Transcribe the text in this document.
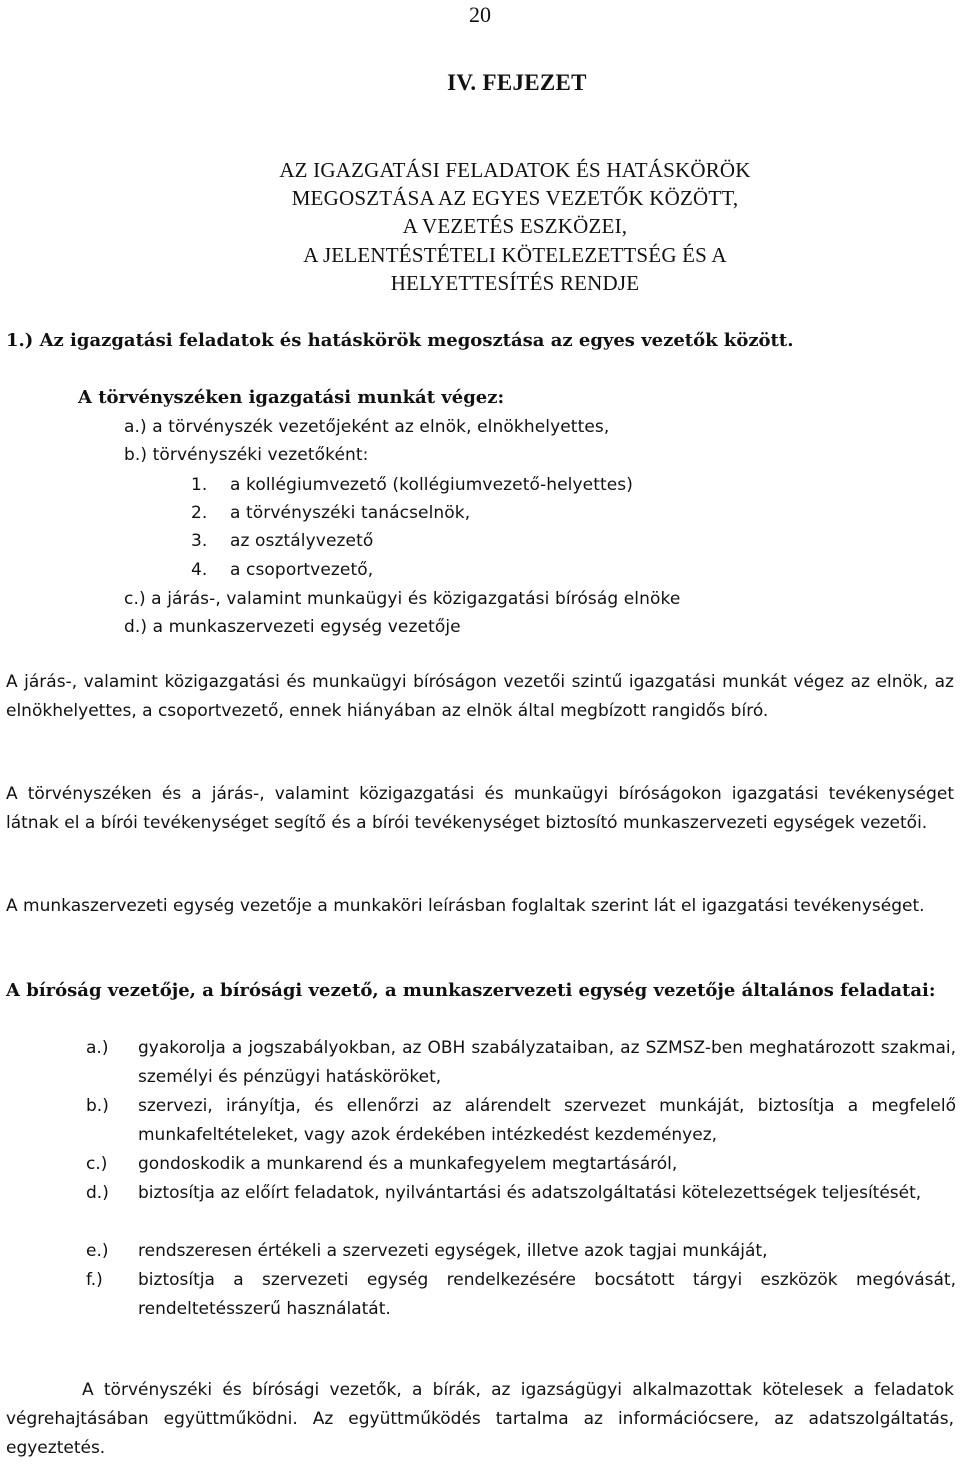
20
IV. FEJEZET
AZ IGAZGATÁSI FELADATOK ÉS HATÁSKÖRÖK
MEGOSZTÁSA AZ EGYES VEZETŐK KÖZÖTT,
A VEZETÉS ESZKÖZEI,
A JELENTÉSTÉTELI KÖTELEZETTSÉG ÉS A
HELYETTESÍTÉS RENDJE
1.) Az igazgatási feladatok és hatáskörök megosztása az egyes vezetők között.
A törvényszéken igazgatási munkát végez:
a.) a törvényszék vezetőjeként az elnök, elnökhelyettes,
b.) törvényszéki vezetőként:
1. a kollégiumvezető (kollégiumvezető-helyettes)
2. a törvényszéki tanácselnök,
3. az osztályvezető
4. a csoportvezető,
c.) a járás-, valamint munkaügyi és közigazgatási bíróság elnöke
d.) a munkaszervezeti egység vezetője
A járás-, valamint közigazgatási és munkaügyi bíróságon vezetői szintű igazgatási munkát végez az elnök, az elnökhelyettes, a csoportvezető, ennek hiányában az elnök által megbízott rangidős bíró.
A törvényszéken és a járás-, valamint közigazgatási és munkaügyi bíróságokon igazgatási tevékenységet látnak el a bírói tevékenységet segítő és a bírói tevékenységet biztosító munkaszervezeti egységek vezetői.
A munkaszervezeti egység vezetője a munkaköri leírásban foglaltak szerint lát el igazgatási tevékenységet.
A bíróság vezetője, a bírósági vezető, a munkaszervezeti egység vezetője általános feladatai:
a.) gyakorolja a jogszabályokban, az OBH szabályzataiban, az SZMSZ-ben meghatározott szakmai, személyi és pénzügyi hatásköröket,
b.) szervezi, irányítja, és ellenőrzi az alárendelt szervezet munkáját, biztosítja a megfelelő munkafeltételeket, vagy azok érdekében intézkedést kezdeményez,
c.) gondoskodik a munkarend és a munkafegyelem megtartásáról,
d.) biztosítja az előírt feladatok, nyilvántartási és adatszolgáltatási kötelezettségek teljesítését,
e.) rendszeresen értékeli a szervezeti egységek, illetve azok tagjai munkáját,
f.) biztosítja a szervezeti egység rendelkezésére bocsátott tárgyi eszközök megóvását, rendeltetésszerű használatát.
A törvényszéki és bírósági vezetők, a bírák, az igazságügyi alkalmazottak kötelesek a feladatok végrehajtásában együttműködni. Az együttműködés tartalma az információcsere, az adatszolgáltatás, egyeztetés.
